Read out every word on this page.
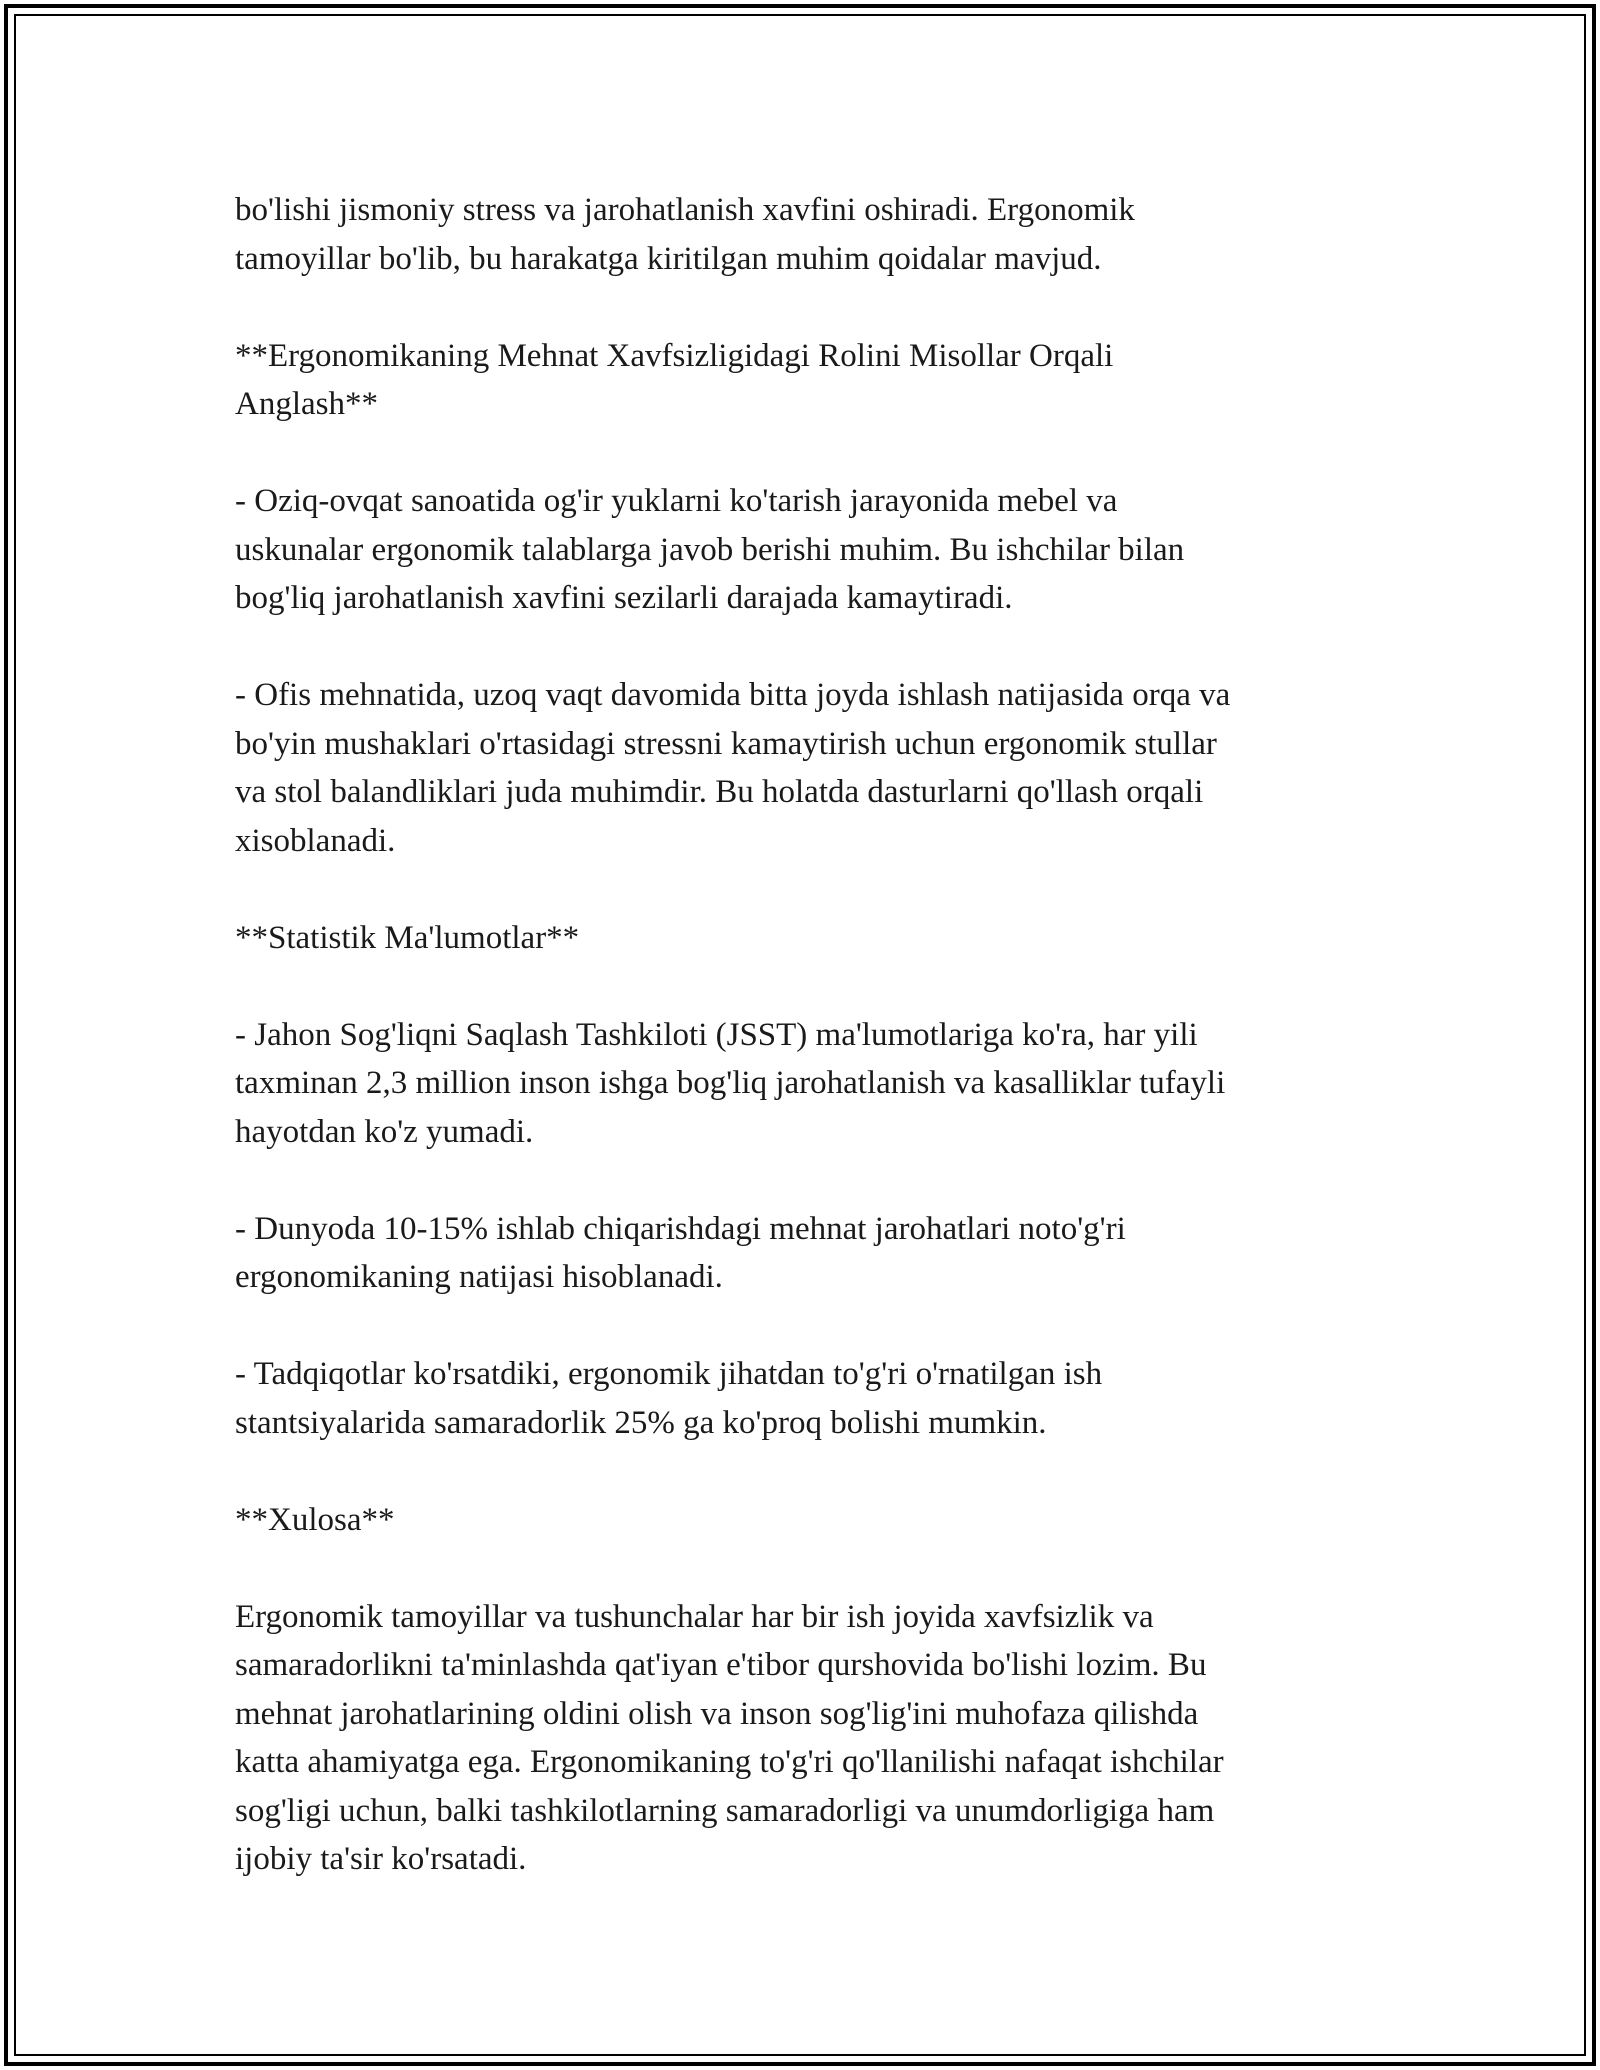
bo'lishi jismoniy stress va jarohatlanish xavfini oshiradi. Ergonomik
tamoyillar bo'lib, bu harakatga kiritilgan muhim qoidalar mavjud.

**Ergonomikaning Mehnat Xavfsizligidagi Rolini Misollar Orqali
Anglash**

- Oziq-ovqat sanoatida og'ir yuklarni ko'tarish jarayonida mebel va
uskunalar ergonomik talablarga javob berishi muhim. Bu ishchilar bilan
bog'liq jarohatlanish xavfini sezilarli darajada kamaytiradi.

- Ofis mehnatida, uzoq vaqt davomida bitta joyda ishlash natijasida orqa va
bo'yin mushaklari o'rtasidagi stressni kamaytirish uchun ergonomik stullar
va stol balandliklari juda muhimdir. Bu holatda dasturlarni qo'llash orqali
xisoblanadi.

**Statistik Ma'lumotlar**

- Jahon Sog'liqni Saqlash Tashkiloti (JSST) ma'lumotlariga ko'ra, har yili
taxminan 2,3 million inson ishga bog'liq jarohatlanish va kasalliklar tufayli
hayotdan ko'z yumadi.

- Dunyoda 10-15% ishlab chiqarishdagi mehnat jarohatlari noto'g'ri
ergonomikaning natijasi hisoblanadi.

- Tadqiqotlar ko'rsatdiki, ergonomik jihatdan to'g'ri o'rnatilgan ish
stantsiyalarida samaradorlik 25% ga ko'proq bolishi mumkin.

**Xulosa**

Ergonomik tamoyillar va tushunchalar har bir ish joyida xavfsizlik va
samaradorlikni ta'minlashda qat'iyan e'tibor qurshovida bo'lishi lozim. Bu
mehnat jarohatlarining oldini olish va inson sog'lig'ini muhofaza qilishda
katta ahamiyatga ega. Ergonomikaning to'g'ri qo'llanilishi nafaqat ishchilar
sog'ligi uchun, balki tashkilotlarning samaradorligi va unumdorligiga ham
ijobiy ta'sir ko'rsatadi.
